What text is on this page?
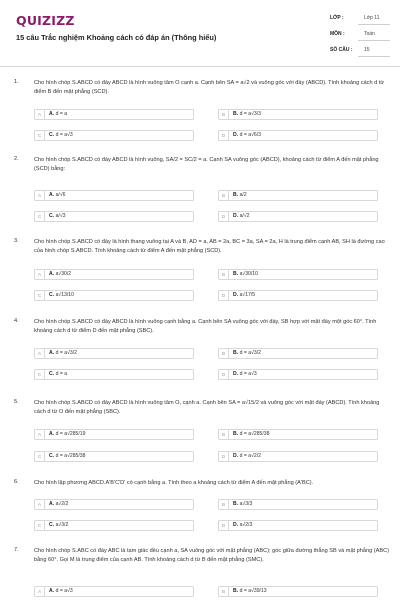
QUIZIZZ
15 câu Trắc nghiệm Khoảng cách có đáp án (Thông hiểu)
LỚP :	Lớp 11
MÔN :	Toán
SỐ CÂU : 15
1.	Cho hình chóp S.ABCD có đáy ABCD là hình vuông tâm O cạnh a. Cạnh bên SA = a√2 và vuông góc với đáy (ABCD). Tính khoảng cách d từ điểm B đến mặt phẳng (SCD).
A	A. d = a	B	B. d = a√3/3
C	C. d = a√3	D	D. d = a√6/3
2.	Cho hình chóp S.ABCD có đáy ABCD là hình vuông, SA/2 = SC/2 = a. Cạnh SA vuông góc (ABCD), khoảng cách từ điểm A đến mặt phẳng (SCD) bằng:
A	A. a/√6	B	B. a/2
C	C. a/√3	D	D. a/√2
3.	Cho hình chóp S.ABCD có đáy là hình thang vuông tại A và B, AD = a, AB = 2a, BC = 3a, SA = 2a, H là trung điểm cạnh AB, SH là đường cao của hình chóp S.ABCD. Tính khoảng cách từ điểm A đến mặt phẳng (SCD).
A	A. a√30/2	B	B. a√30/10
C	C. a√13/10	D	D. a√17/5
4.	Cho hình chóp S.ABCD có đáy ABCD là hình vuông cạnh bằng a. Cạnh bên SA vuông góc với đáy, SB hợp với mặt đáy một góc 60°. Tính khoảng cách d từ điểm D đến mặt phẳng (SBC).
A	A. d = a√3/2	B	B. d = a√3/2
C	C. d = a	D	D. d = a√3
5.	Cho hình chóp S.ABCD có đáy ABCD là hình vuông tâm O, cạnh a. Cạnh bên SA = a√15/2 và vuông góc với mặt đáy (ABCD). Tính khoảng cách d từ O đến mặt phẳng (SBC).
A	A. d = a√285/19	B	B. d = a√285/38
C	C. d = a√285/38	D	D. d = a√2/2
6.	Cho hình lập phương ABCD.A'B'C'D' có cạnh bằng a. Tính theo a khoảng cách từ điểm A đến mặt phẳng (A'BC).
A	A. a√2/2	B	B. a√3/3
C	C. a√3/2	D	D. a√2/3
7.	Cho hình chóp S.ABC có đáy ABC là tam giác đều cạnh a, SA vuông góc với mặt phẳng (ABC); góc giữa đường thẳng SB và mặt phẳng (ABC) bằng 60°. Gọi M là trung điểm của cạnh AB. Tính khoảng cách d từ B đến mặt phẳng (SMC).
A	A. d = a√3	B	B. d = a√39/13
